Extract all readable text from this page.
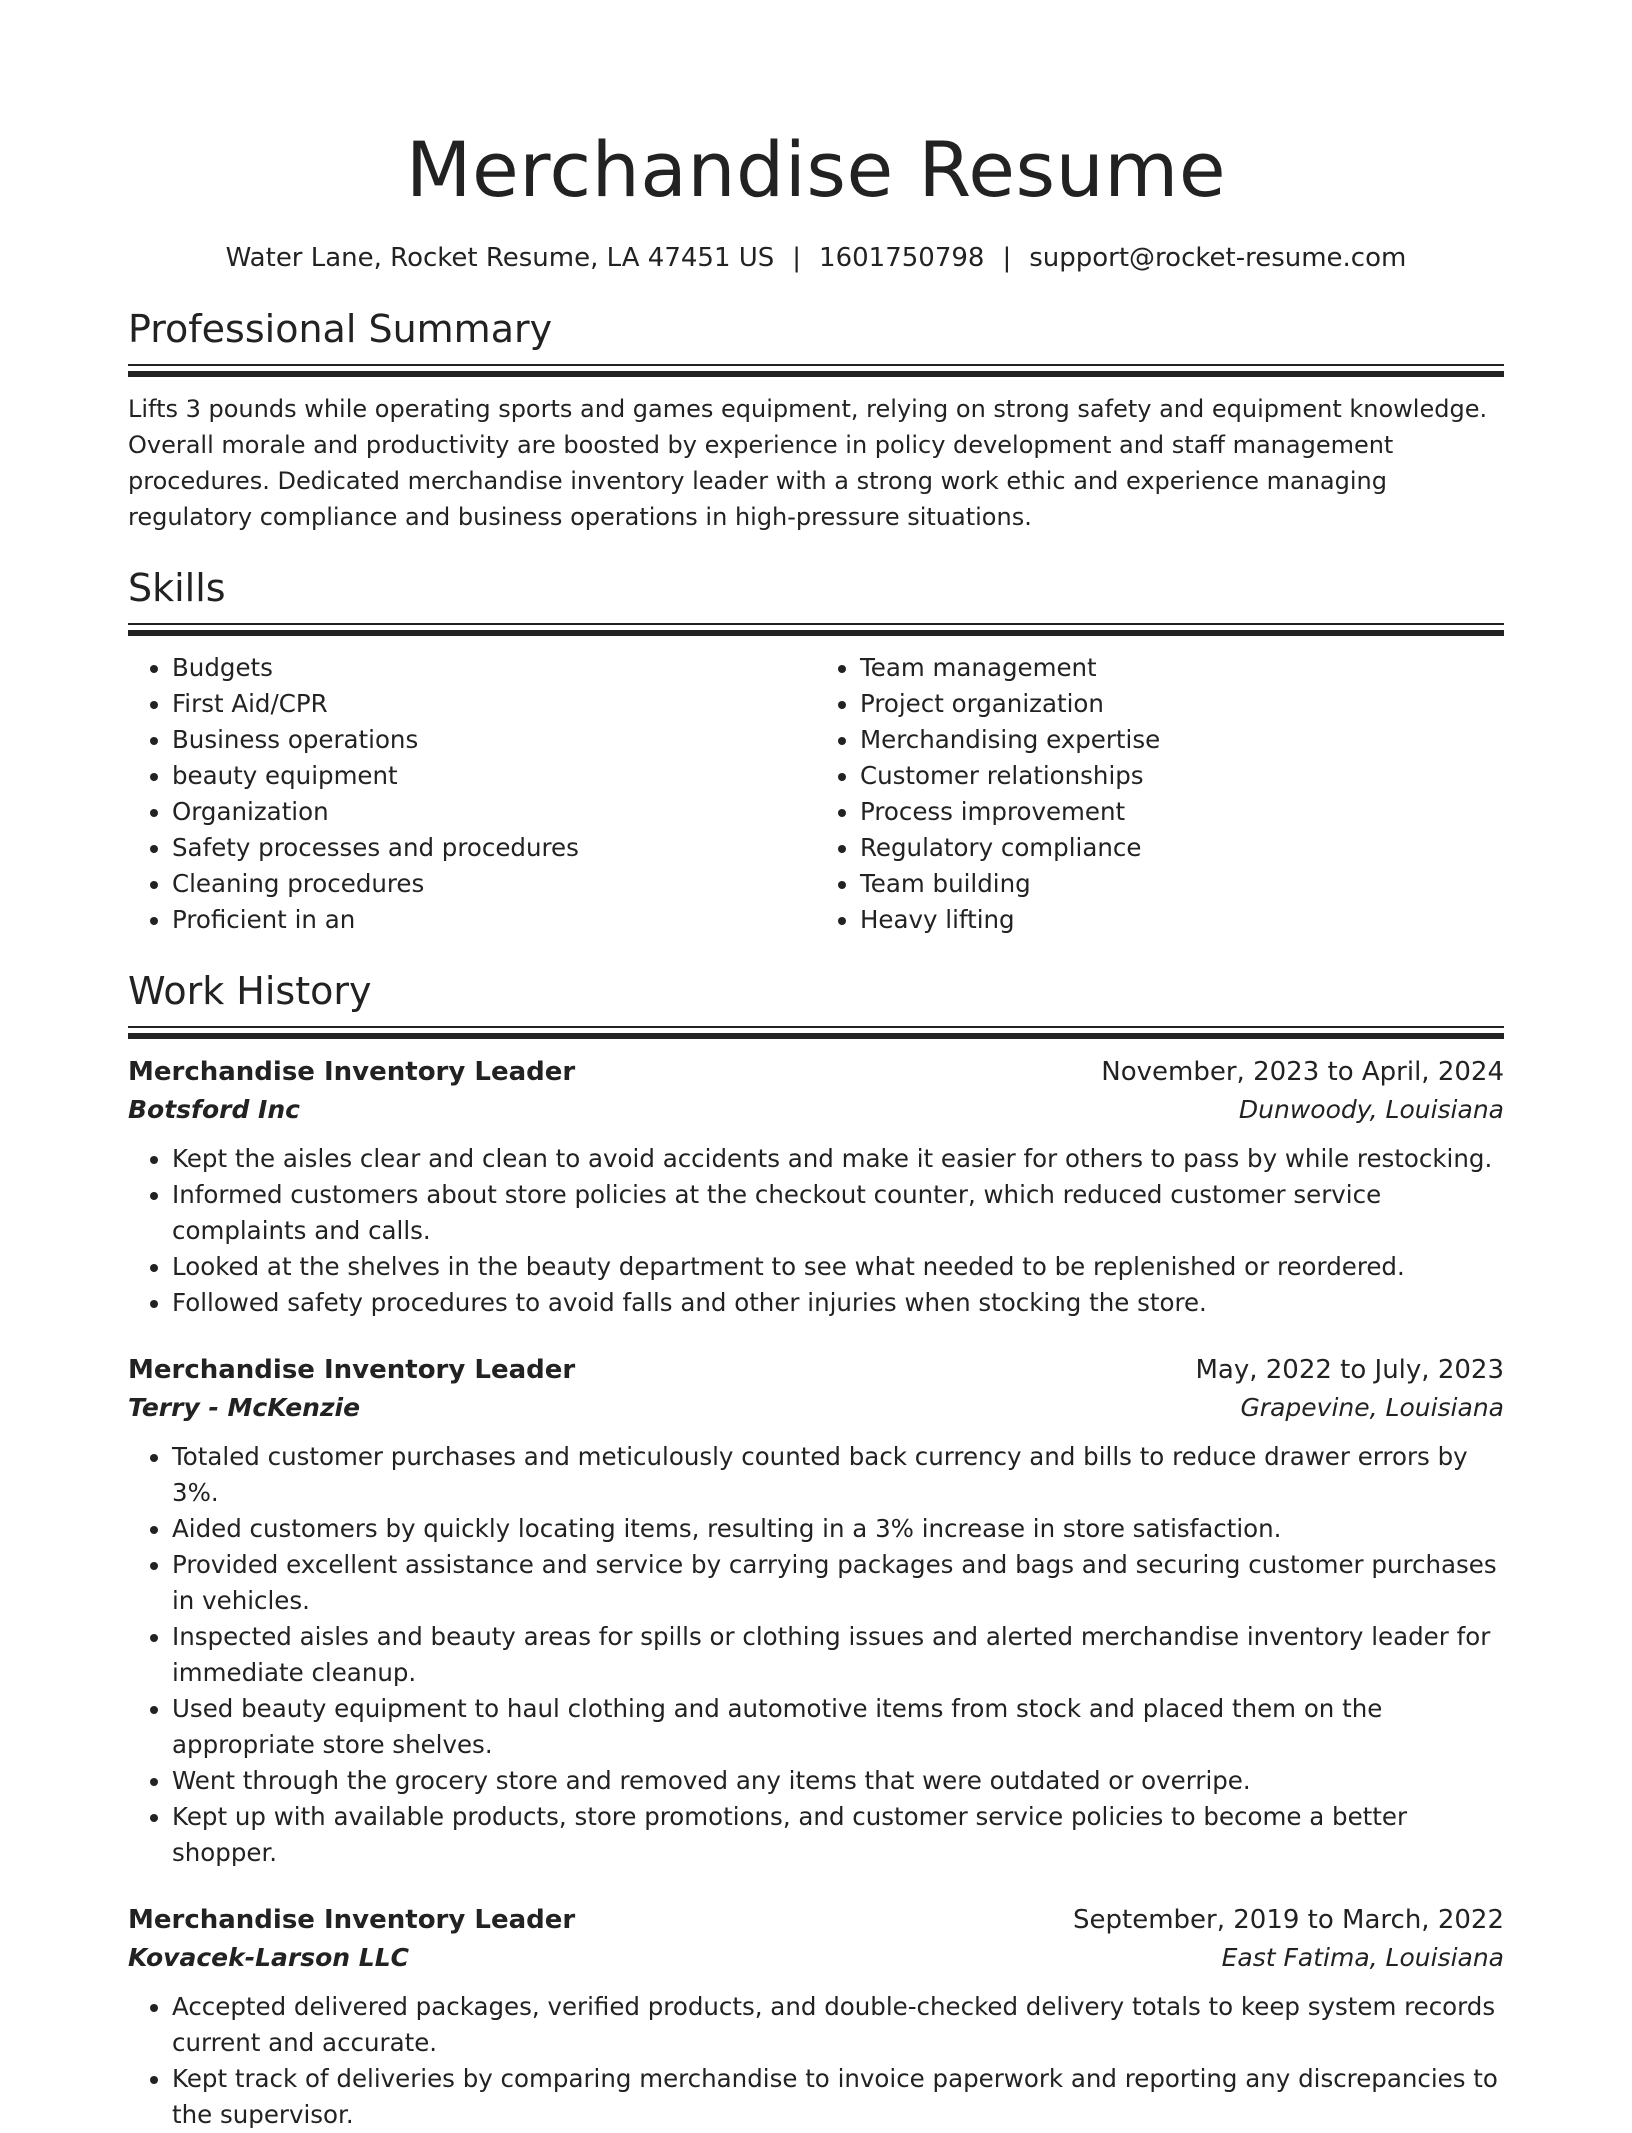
Merchandise Resume
Water Lane, Rocket Resume, LA 47451 US | 1601750798 | support@rocket-resume.com
Professional Summary

Lifts 3 pounds while operating sports and games equipment, relying on strong safety and equipment knowledge. Overall morale and productivity are boosted by experience in policy development and staff management procedures. Dedicated merchandise inventory leader with a strong work ethic and experience managing regulatory compliance and business operations in high-pressure situations.

Skills
• Budgets
• First Aid/CPR
• Business operations
• beauty equipment
• Organization
• Safety processes and procedures
• Cleaning procedures
• Proficient in an
• Team management
• Project organization
• Merchandising expertise
• Customer relationships
• Process improvement
• Regulatory compliance
• Team building
• Heavy lifting
Work History
Merchandise Inventory Leader	November, 2023 to April, 2024
Botsford Inc	Dunwoody, Louisiana
• Kept the aisles clear and clean to avoid accidents and make it easier for others to pass by while restocking.
• Informed customers about store policies at the checkout counter, which reduced customer service complaints and calls.
• Looked at the shelves in the beauty department to see what needed to be replenished or reordered.
• Followed safety procedures to avoid falls and other injuries when stocking the store.
Merchandise Inventory Leader	May, 2022 to July, 2023
Terry - McKenzie	Grapevine, Louisiana
• Totaled customer purchases and meticulously counted back currency and bills to reduce drawer errors by 3%.
• Aided customers by quickly locating items, resulting in a 3% increase in store satisfaction.
• Provided excellent assistance and service by carrying packages and bags and securing customer purchases in vehicles.
• Inspected aisles and beauty areas for spills or clothing issues and alerted merchandise inventory leader for immediate cleanup.
• Used beauty equipment to haul clothing and automotive items from stock and placed them on the appropriate store shelves.
• Went through the grocery store and removed any items that were outdated or overripe.
• Kept up with available products, store promotions, and customer service policies to become a better shopper.
Merchandise Inventory Leader	September, 2019 to March, 2022
Kovacek-Larson LLC	East Fatima, Louisiana
• Accepted delivered packages, verified products, and double-checked delivery totals to keep system records current and accurate.
• Kept track of deliveries by comparing merchandise to invoice paperwork and reporting any discrepancies to the supervisor.
